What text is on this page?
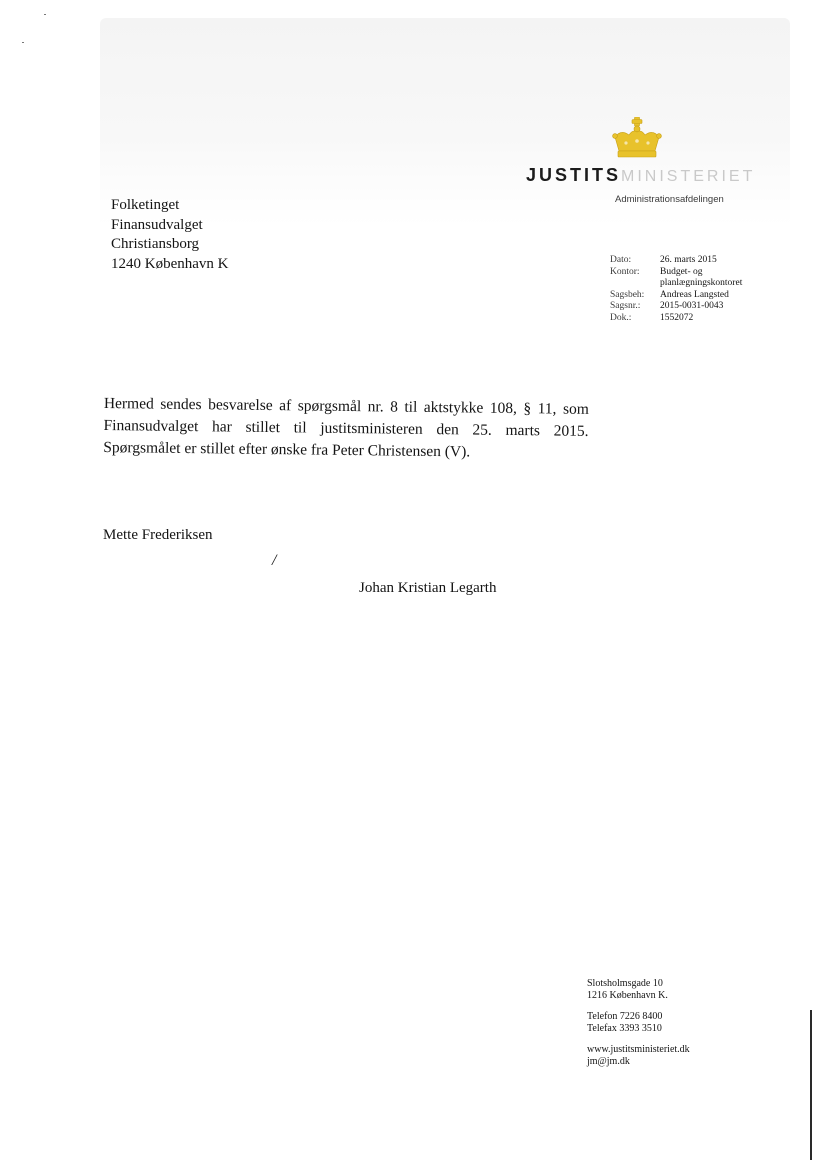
JUSTITSMINISTERIET
Administrationsafdelingen
Folketinget
Finansudvalget
Christiansborg
1240 København K	Dato:	26. marts 2015
Kontor:	Budget- og
	planlægningskontoret
Sagsbeh:	Andreas Langsted
Sagsnr.:	2015-0031-0043
Dok.:	1552072
Hermed sendes besvarelse af spørgsmål nr. 8 til aktstykke 108, § 11, som Finansudvalget har stillet til justitsministeren den 25. marts 2015. Spørgsmålet er stillet efter ønske fra Peter Christensen (V).
Mette Frederiksen
/
Johan Kristian Legarth
Slotsholmsgade 10
1216 København K.
Telefon 7226 8400
Telefax 3393 3510
www.justitsministeriet.dk
jm@jm.dk
